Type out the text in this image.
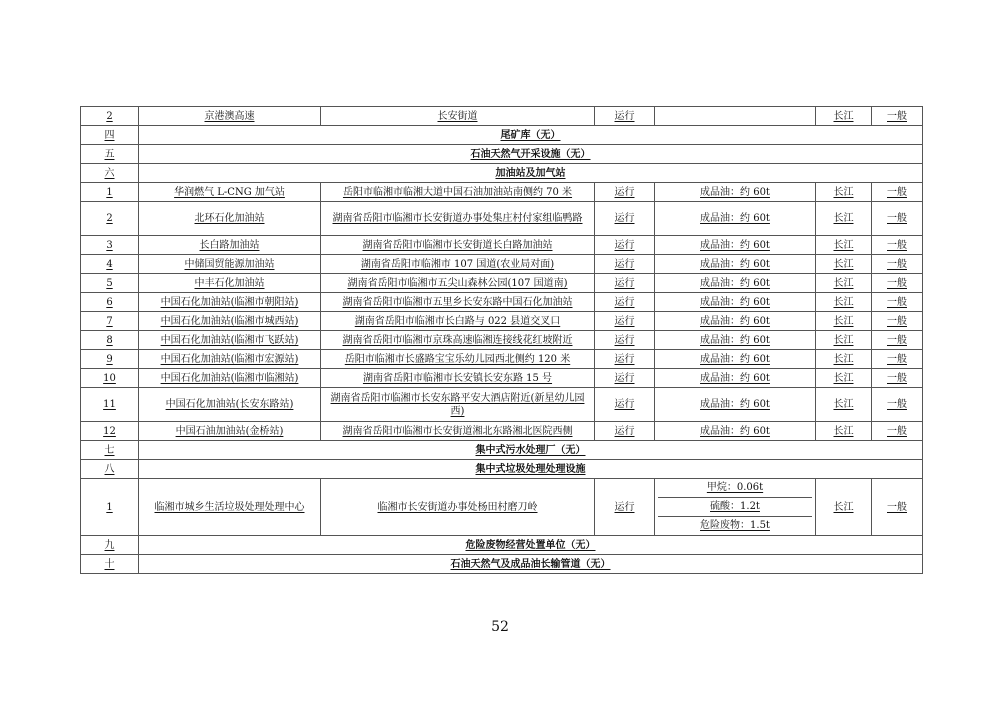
2	京港澳高速	长安街道	运行		长江	一般
四	尾矿库（无）					
五	石油天然气开采设施（无）					
六	加油站及加气站					
1	华润燃气 L-CNG 加气站	岳阳市临湘市临湘大道中国石油加油站南侧约 70 米	运行	成品油：约 60t	长江	一般
2	北环石化加油站	湖南省岳阳市临湘市长安街道办事处集庄村付家组临鸭路	运行	成品油：约 60t	长江	一般
3	长白路加油站	湖南省岳阳市临湘市长安街道长白路加油站	运行	成品油：约 60t	长江	一般
4	中储国贸能源加油站	湖南省岳阳市临湘市 107 国道(农业局对面)	运行	成品油：约 60t	长江	一般
5	中丰石化加油站	湖南省岳阳市临湘市五尖山森林公园(107 国道南)	运行	成品油：约 60t	长江	一般
6	中国石化加油站(临湘市朝阳站)	湖南省岳阳市临湘市五里乡长安东路中国石化加油站	运行	成品油：约 60t	长江	一般
7	中国石化加油站(临湘市城西站)	湖南省岳阳市临湘市长白路与 022 县道交叉口	运行	成品油：约 60t	长江	一般
8	中国石化加油站(临湘市飞跃站)	湖南省岳阳市临湘市京珠高速临湘连接线花红坡附近	运行	成品油：约 60t	长江	一般
9	中国石化加油站(临湘市宏源站)	岳阳市临湘市长盛路宝宝乐幼儿园西北侧约 120 米	运行	成品油：约 60t	长江	一般
10	中国石化加油站(临湘市临湘站)	湖南省岳阳市临湘市长安镇长安东路 15 号	运行	成品油：约 60t	长江	一般
11	中国石化加油站(长安东路站)	湖南省岳阳市临湘市长安东路平安大酒店附近(新星幼儿园西)	运行	成品油：约 60t	长江	一般
12	中国石油加油站(金桥站)	湖南省岳阳市临湘市长安街道湘北东路湘北医院西侧	运行	成品油：约 60t	长江	一般
七	集中式污水处理厂（无）					
八	集中式垃圾处理处理设施					
1	临湘市城乡生活垃圾处理处理中心	临湘市长安街道办事处杨田村磨刀岭	运行	甲烷：0.06t
硫酸：1.2t
危险废物：1.5t	长江	一般
九	危险废物经营处置单位（无）					
十	石油天然气及成品油长输管道（无）					
52
